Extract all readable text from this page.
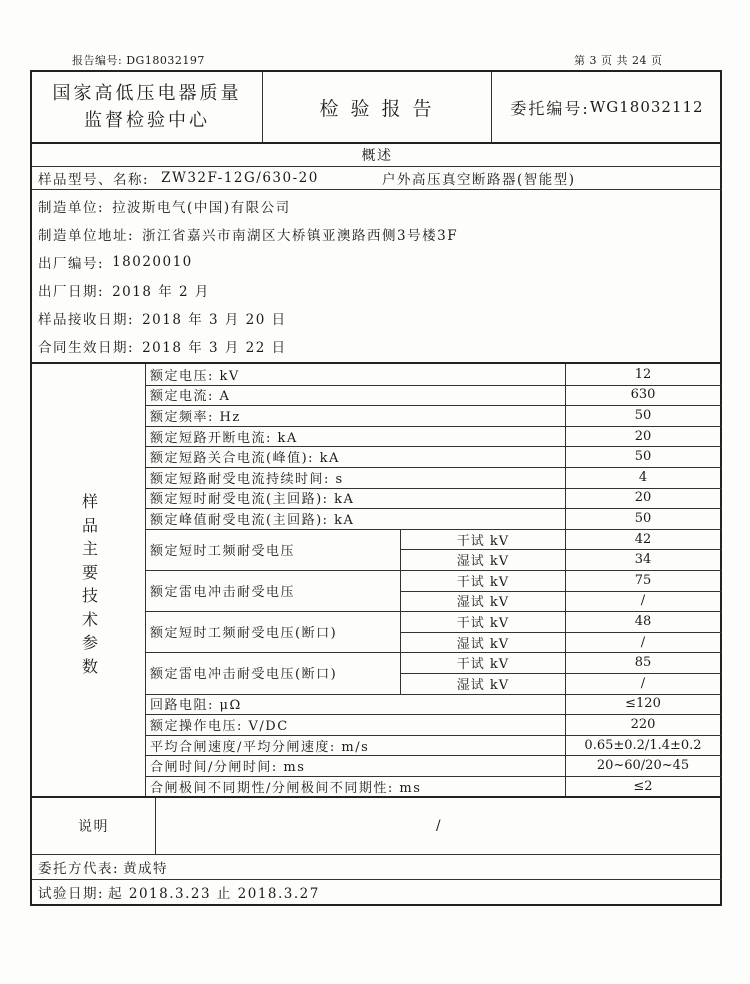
报告编号: DG18032197	第 3 页 共 24 页
国家高低压电器质量
监督检验中心
检 验 报 告	委托编号: WG18032112
概述
样品型号、名称: ZW32F-12G/630-20	户外高压真空断路器(智能型)
制造单位: 拉波斯电气(中国)有限公司
制造单位地址: 浙江省嘉兴市南湖区大桥镇亚澳路西侧3号楼3F
出厂编号: 18020010
出厂日期: 2018 年 2 月
样品接收日期: 2018 年 3 月 20 日
合同生效日期: 2018 年 3 月 22 日
样
品
主
要
技
术
参
数
额定电压: kV	12
额定电流: A	630
额定频率: Hz	50
额定短路开断电流: kA	20
额定短路关合电流(峰值): kA	50
额定短路耐受电流持续时间: s	4
额定短时耐受电流(主回路): kA	20
额定峰值耐受电流(主回路): kA	50
额定短时工频耐受电压
干试 kV	42
湿试 kV	34
额定雷电冲击耐受电压
干试 kV	75
湿试 kV	/
额定短时工频耐受电压(断口)
干试 kV	48
湿试 kV	/
额定雷电冲击耐受电压(断口)
干试 kV	85
湿试 kV	/
回路电阻: μΩ	≤120
额定操作电压: V/DC	220
平均合闸速度/平均分闸速度: m/s	0.65±0.2/1.4±0.2
合闸时间/分闸时间: ms	20~60/20~45
合闸极间不同期性/分闸极间不同期性: ms	≤2
说明	/
委托方代表: 黄成特
试验日期: 起 2018.3.23 止 2018.3.27
